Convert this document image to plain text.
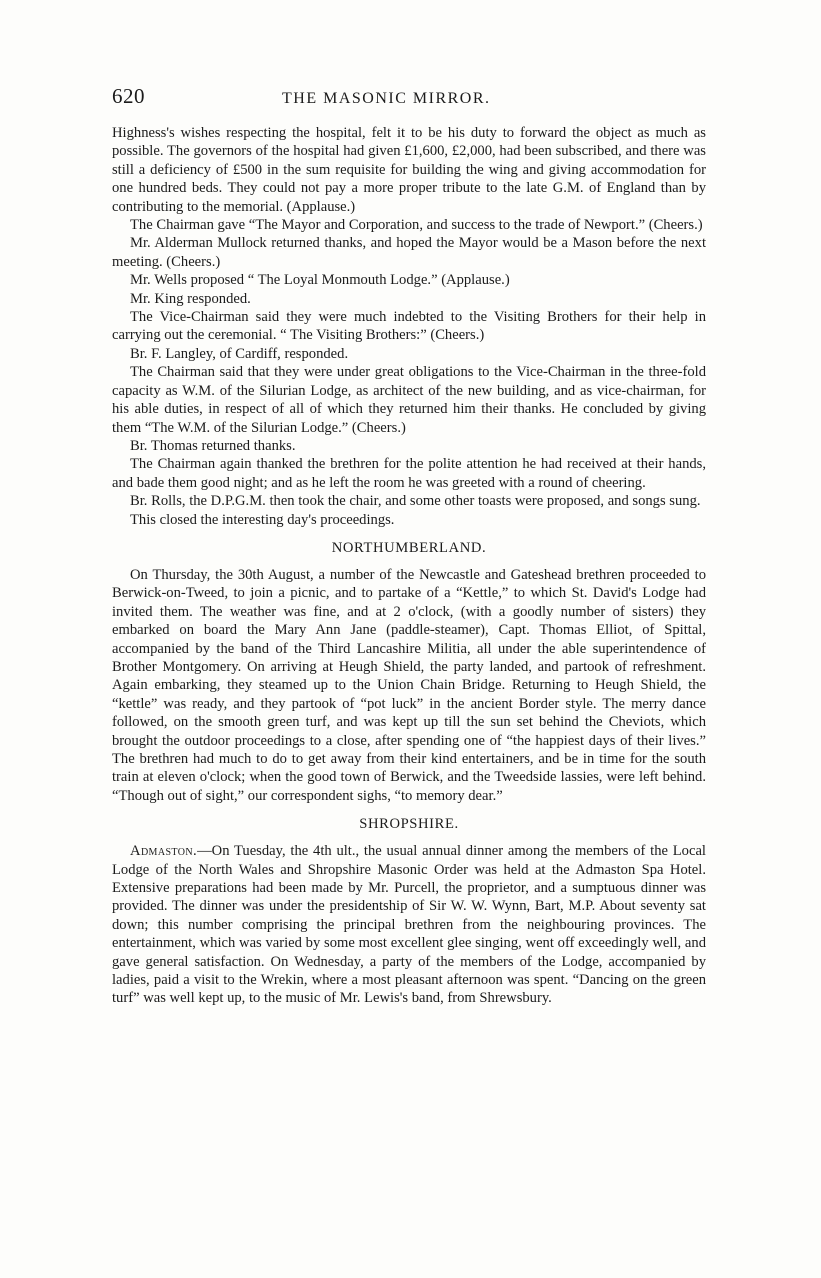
620	THE MASONIC MIRROR.

Highness's wishes respecting the hospital, felt it to be his duty to forward the object as much as possible. The governors of the hospital had given £1,600, £2,000, had been subscribed, and there was still a deficiency of £500 in the sum requisite for building the wing and giving accommodation for one hundred beds. They could not pay a more proper tribute to the late G.M. of England than by contributing to the memorial. (Applause.)

The Chairman gave “The Mayor and Corporation, and success to the trade of Newport.” (Cheers.)

Mr. Alderman Mullock returned thanks, and hoped the Mayor would be a Mason before the next meeting. (Cheers.)

Mr. Wells proposed “ The Loyal Monmouth Lodge.” (Applause.)

Mr. King responded.

The Vice-Chairman said they were much indebted to the Visiting Brothers for their help in carrying out the ceremonial. “ The Visiting Brothers:” (Cheers.)

Br. F. Langley, of Cardiff, responded.

The Chairman said that they were under great obligations to the Vice-Chairman in the three-fold capacity as W.M. of the Silurian Lodge, as architect of the new building, and as vice-chairman, for his able duties, in respect of all of which they returned him their thanks. He concluded by giving them “The W.M. of the Silurian Lodge.” (Cheers.)

Br. Thomas returned thanks.

The Chairman again thanked the brethren for the polite attention he had received at their hands, and bade them good night; and as he left the room he was greeted with a round of cheering.

Br. Rolls, the D.P.G.M. then took the chair, and some other toasts were proposed, and songs sung.

This closed the interesting day's proceedings.

NORTHUMBERLAND.

On Thursday, the 30th August, a number of the Newcastle and Gateshead brethren proceeded to Berwick-on-Tweed, to join a picnic, and to partake of a “Kettle,” to which St. David's Lodge had invited them. The weather was fine, and at 2 o'clock, (with a goodly number of sisters) they embarked on board the Mary Ann Jane (paddle-steamer), Capt. Thomas Elliot, of Spittal, accompanied by the band of the Third Lancashire Militia, all under the able superintendence of Brother Montgomery. On arriving at Heugh Shield, the party landed, and partook of refreshment. Again embarking, they steamed up to the Union Chain Bridge. Returning to Heugh Shield, the “kettle” was ready, and they partook of “pot luck” in the ancient Border style. The merry dance followed, on the smooth green turf, and was kept up till the sun set behind the Cheviots, which brought the outdoor proceedings to a close, after spending one of “the happiest days of their lives.” The brethren had much to do to get away from their kind entertainers, and be in time for the south train at eleven o'clock; when the good town of Berwick, and the Tweedside lassies, were left behind. “Though out of sight,” our correspondent sighs, “to memory dear.”

SHROPSHIRE.

Admaston.—On Tuesday, the 4th ult., the usual annual dinner among the members of the Local Lodge of the North Wales and Shropshire Masonic Order was held at the Admaston Spa Hotel. Extensive preparations had been made by Mr. Purcell, the proprietor, and a sumptuous dinner was provided. The dinner was under the presidentship of Sir W. W. Wynn, Bart, M.P. About seventy sat down; this number comprising the principal brethren from the neighbouring provinces. The entertainment, which was varied by some most excellent glee singing, went off exceedingly well, and gave general satisfaction. On Wednesday, a party of the members of the Lodge, accompanied by ladies, paid a visit to the Wrekin, where a most pleasant afternoon was spent. “Dancing on the green turf” was well kept up, to the music of Mr. Lewis's band, from Shrewsbury.
